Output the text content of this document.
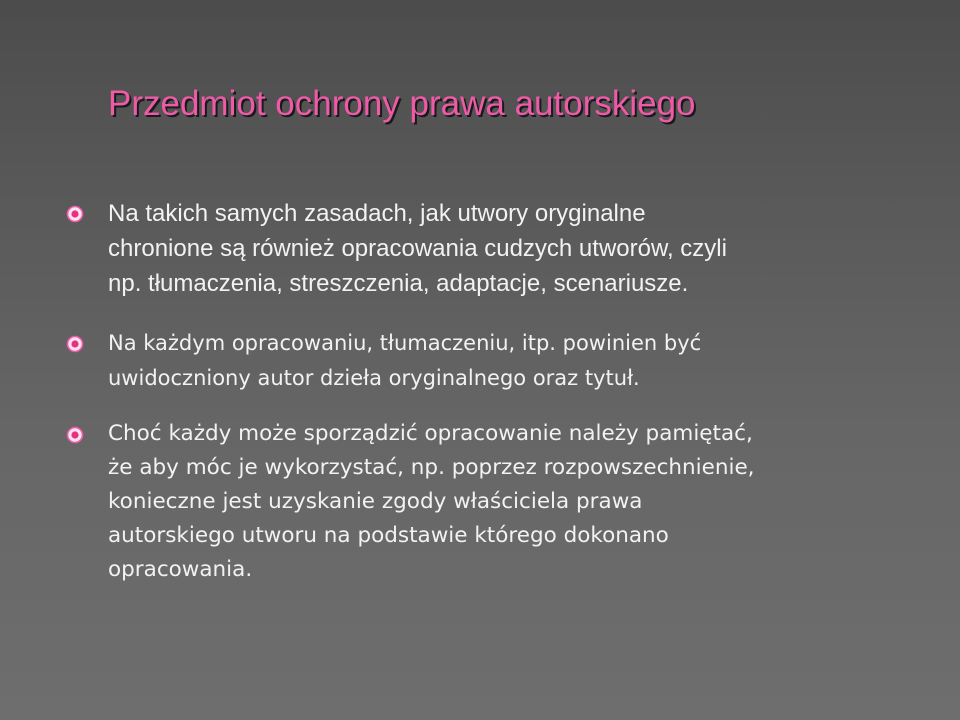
Przedmiot ochrony prawa autorskiego
Na takich samych zasadach, jak utwory oryginalne
chronione są również opracowania cudzych utworów, czyli
np. tłumaczenia, streszczenia, adaptacje, scenariusze.
Na każdym opracowaniu, tłumaczeniu, itp. powinien być
uwidoczniony autor dzieła oryginalnego oraz tytuł.
Choć każdy może sporządzić opracowanie należy pamiętać,
że aby móc je wykorzystać, np. poprzez rozpowszechnienie,
konieczne jest uzyskanie zgody właściciela prawa
autorskiego utworu na podstawie którego dokonano
opracowania.
